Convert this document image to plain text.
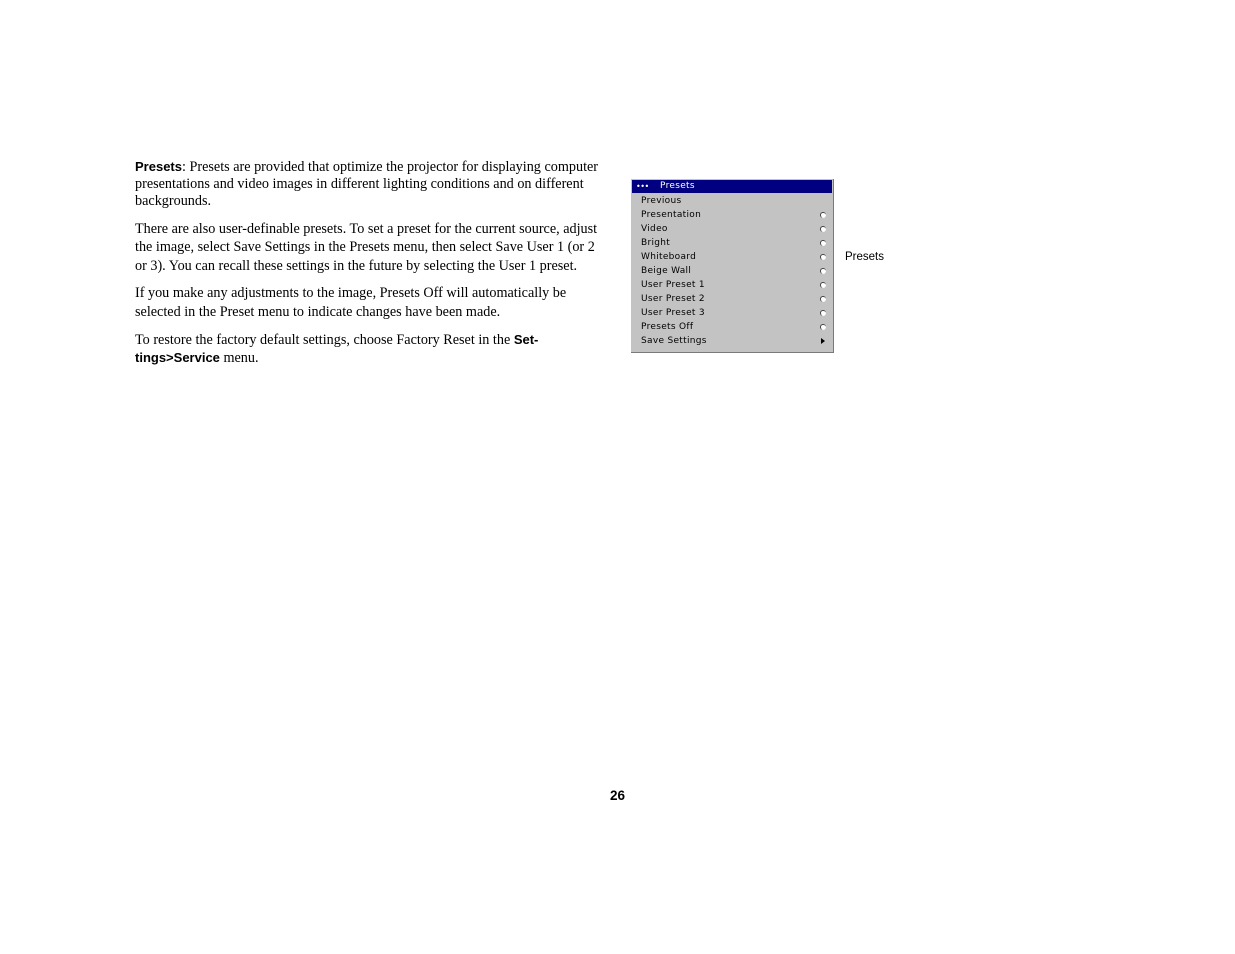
Presets: Presets are provided that optimize the projector for displaying computer presentations and video images in different lighting conditions and on different backgrounds.

There are also user-definable presets. To set a preset for the current source, adjust the image, select Save Settings in the Presets menu, then select Save User 1 (or 2 or 3). You can recall these settings in the future by selecting the User 1 preset.

If you make any adjustments to the image, Presets Off will automatically be selected in the Preset menu to indicate changes have been made.

To restore the factory default settings, choose Factory Reset in the Set-tings>Service menu.

••• Presets
Previous
Presentation
Video
Bright
Whiteboard
Beige Wall
User Preset 1
User Preset 2
User Preset 3
Presets Off
Save Settings
Presets
26
